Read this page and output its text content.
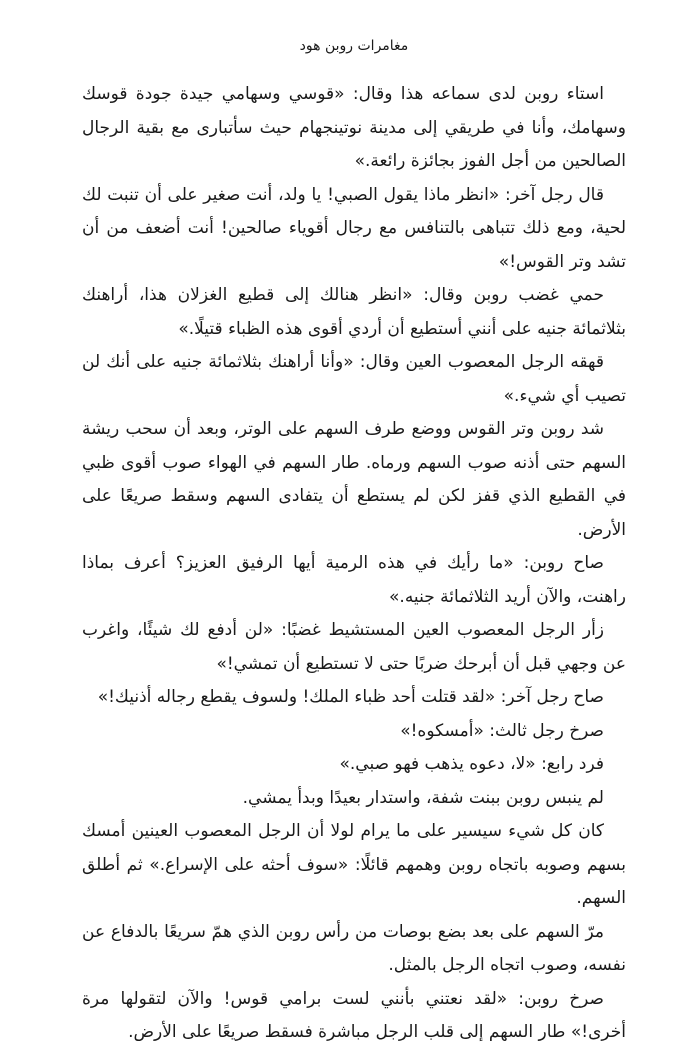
مغامرات روبن هود

استاء روبن لدى سماعه هذا وقال: «قوسي وسهامي جيدة جودة قوسك وسهامك، وأنا في طريقي إلى مدينة نوتينجهام حيث سأتبارى مع بقية الرجال الصالحين من أجل الفوز بجائزة رائعة.»

قال رجل آخر: «انظر ماذا يقول الصبي! يا ولد، أنت صغير على أن تنبت لك لحية، ومع ذلك تتباهى بالتنافس مع رجال أقوياء صالحين! أنت أضعف من أن تشد وتر القوس!»

حمي غضب روبن وقال: «انظر هنالك إلى قطيع الغزلان هذا، أراهنك بثلاثمائة جنيه على أنني أستطيع أن أردي أقوى هذه الظباء قتيلًا.»

قهقه الرجل المعصوب العين وقال: «وأنا أراهنك بثلاثمائة جنيه على أنك لن تصيب أي شيء.»

شد روبن وتر القوس ووضع طرف السهم على الوتر، وبعد أن سحب ريشة السهم حتى أذنه صوب السهم ورماه. طار السهم في الهواء صوب أقوى ظبي في القطيع الذي قفز لكن لم يستطع أن يتفادى السهم وسقط صريعًا على الأرض.

صاح روبن: «ما رأيك في هذه الرمية أيها الرفيق العزيز؟ أعرف بماذا راهنت، والآن أريد الثلاثمائة جنيه.»

زأر الرجل المعصوب العين المستشيط غضبًا: «لن أدفع لك شيئًا، واغرب عن وجهي قبل أن أبرحك ضربًا حتى لا تستطيع أن تمشي!»

صاح رجل آخر: «لقد قتلت أحد ظباء الملك! ولسوف يقطع رجاله أذنيك!»

صرخ رجل ثالث: «أمسكوه!»

فرد رابع: «لا، دعوه يذهب فهو صبي.»

لم ينبس روبن ببنت شفة، واستدار بعيدًا وبدأ يمشي.

كان كل شيء سيسير على ما يرام لولا أن الرجل المعصوب العينين أمسك بسهم وصوبه باتجاه روبن وهمهم قائلًا: «سوف أحثه على الإسراع.» ثم أطلق السهم.

مرّ السهم على بعد بضع بوصات من رأس روبن الذي همّ سريعًا بالدفاع عن نفسه، وصوب اتجاه الرجل بالمثل.

صرخ روبن: «لقد نعتني بأنني لست برامي قوس! والآن لتقولها مرة أخرى!» طار السهم إلى قلب الرجل مباشرة فسقط صريعًا على الأرض.
